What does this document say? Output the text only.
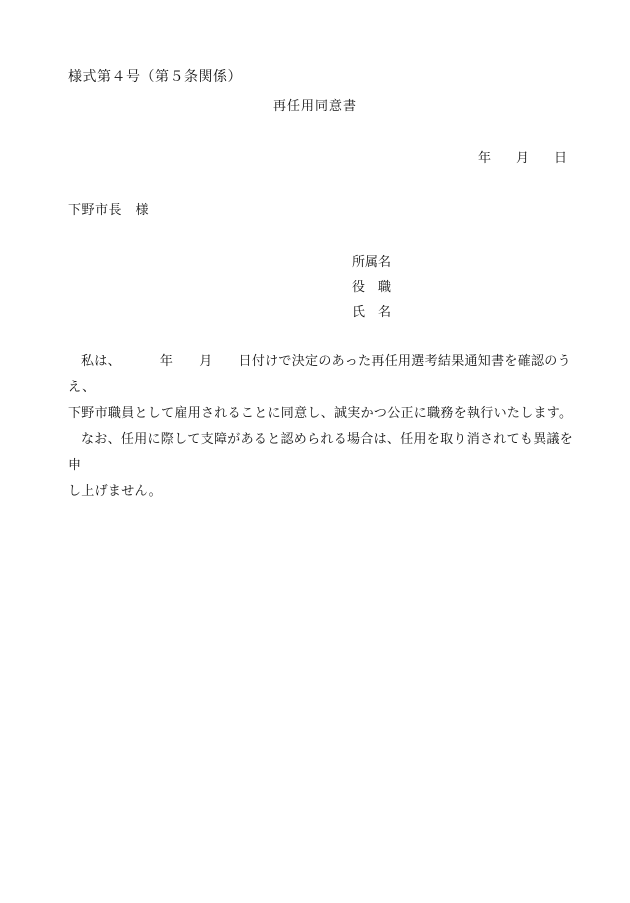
様式第４号（第５条関係）
再任用同意書
年 月 日
下野市長　様
所属名
役　職
氏　名

私は、	年 月 日付けで決定のあった再任用選考結果通知書を確認のうえ、

下野市職員として雇用されることに同意し、誠実かつ公正に職務を執行いたします。

なお、任用に際して支障があると認められる場合は、任用を取り消されても異議を申

し上げません。
